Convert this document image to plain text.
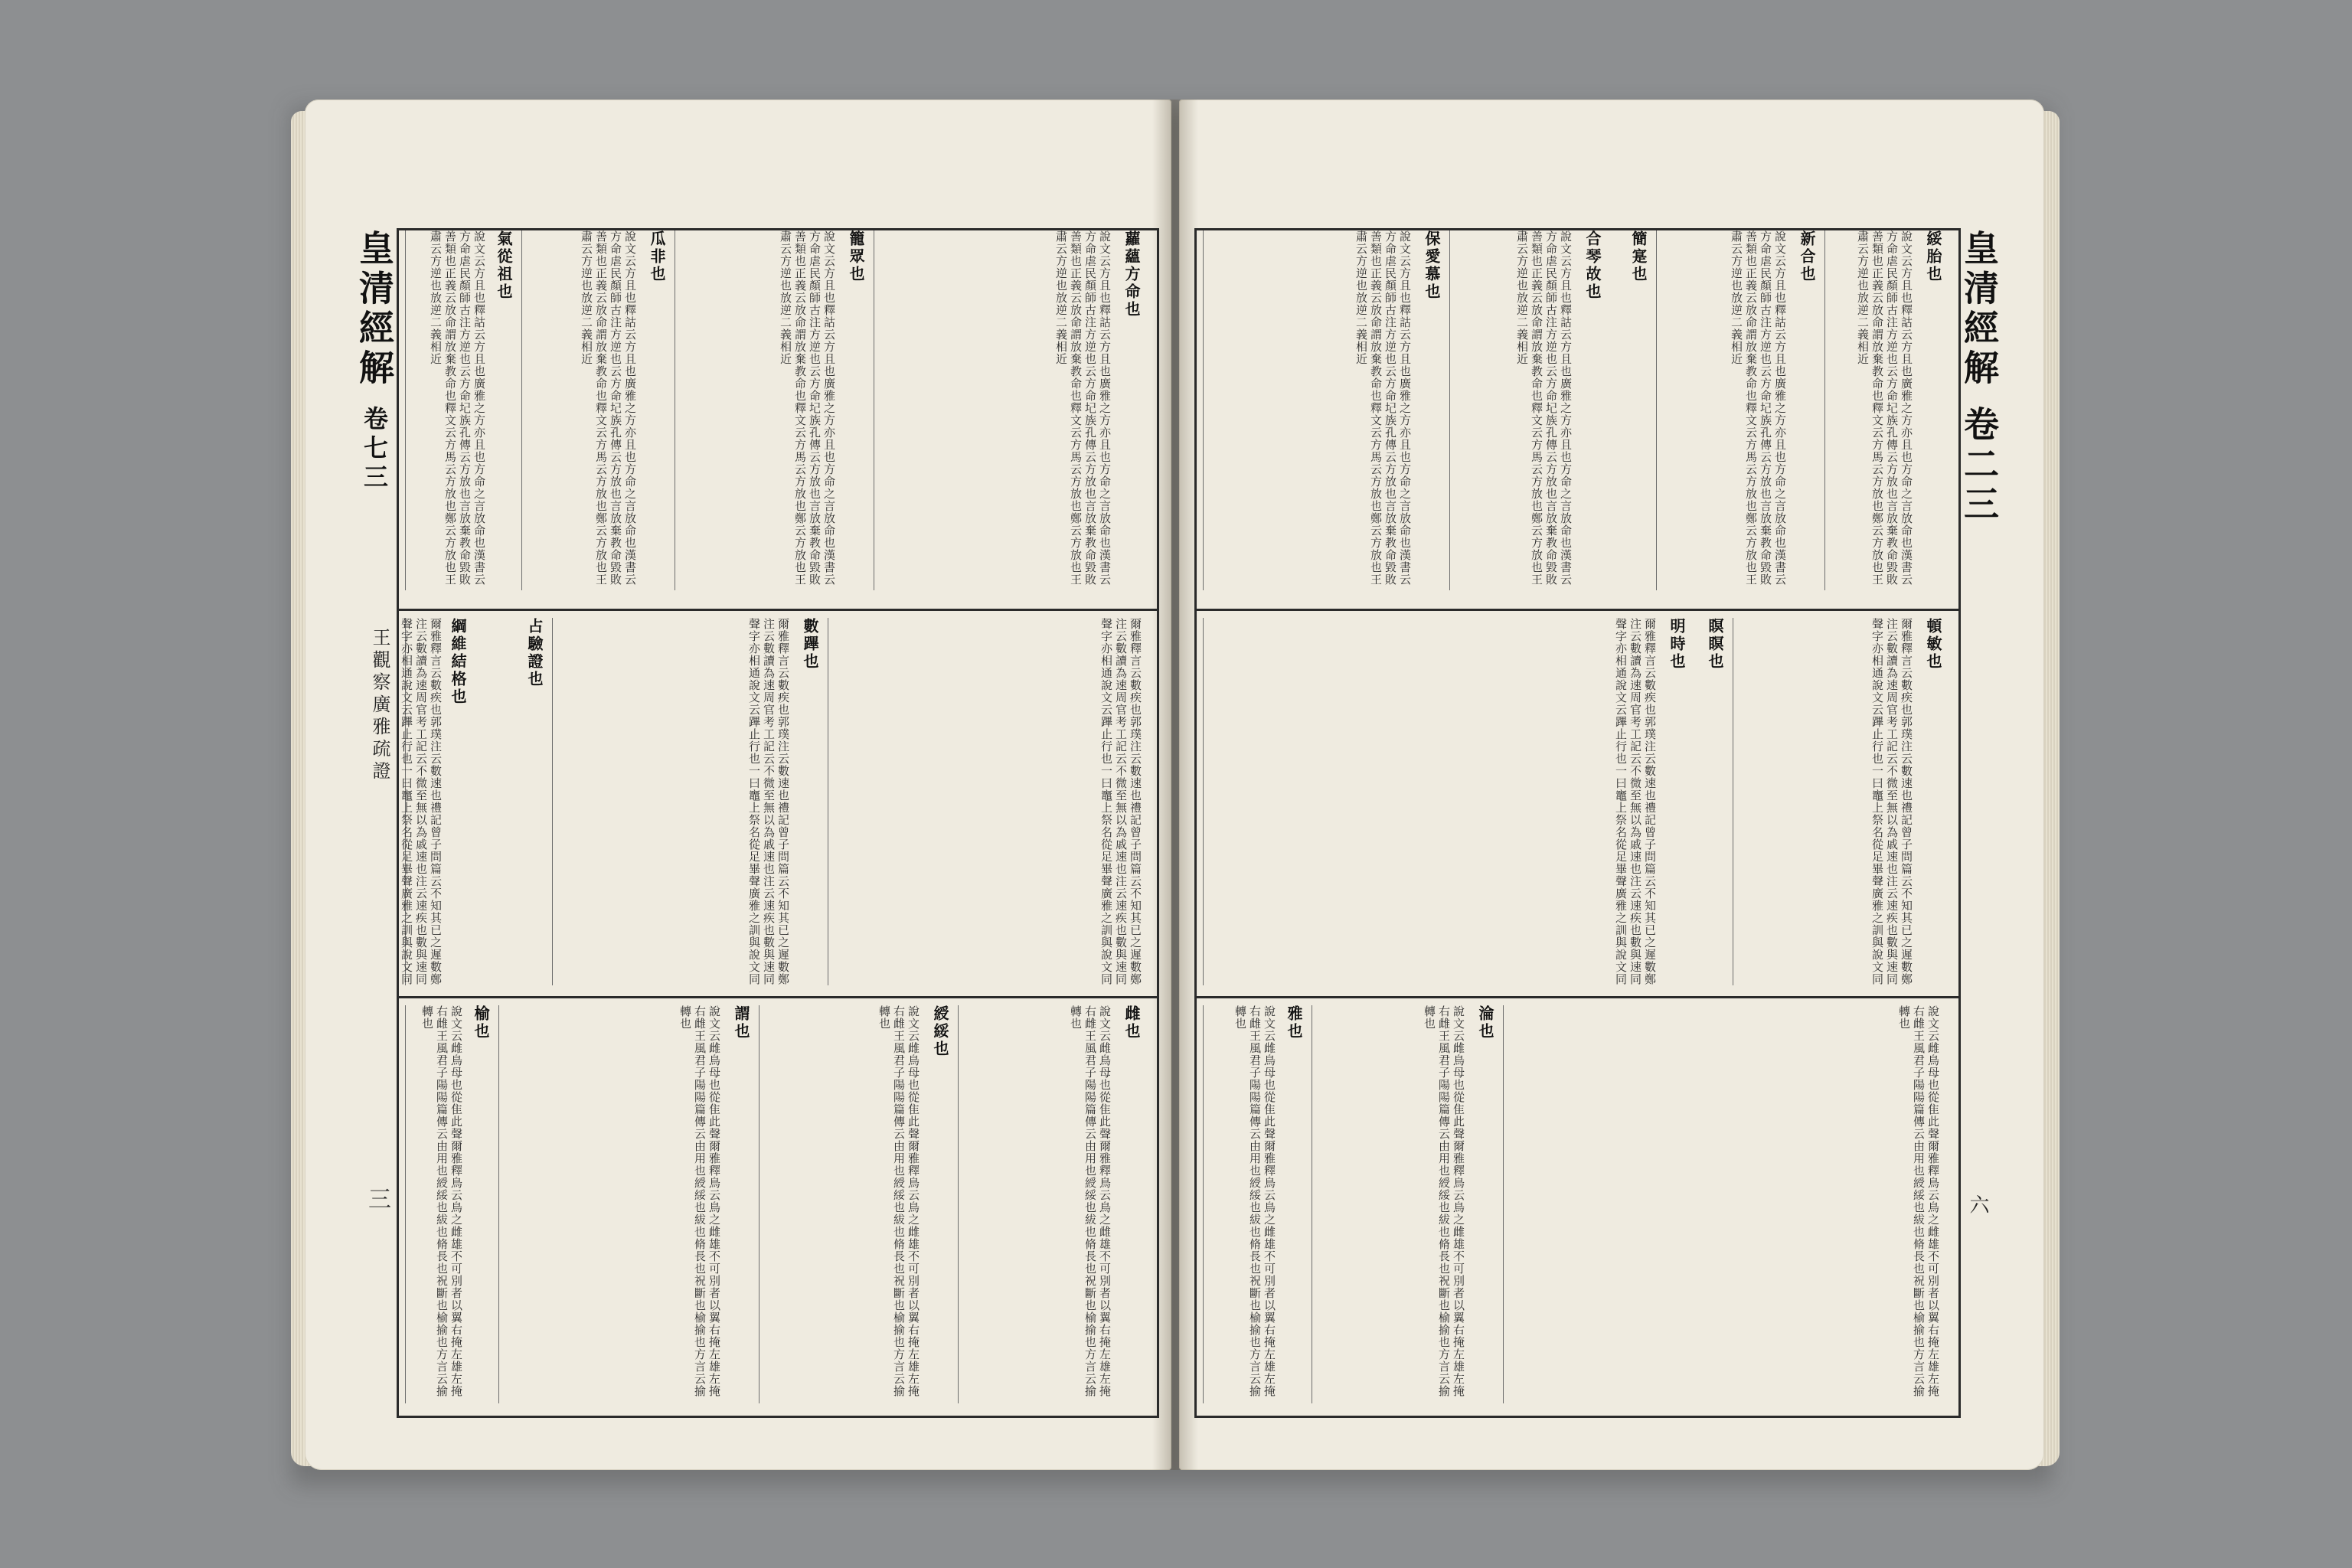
皇清經解 卷七三
王觀察廣雅疏證
三
皇清經解 卷二三
六
蘿蘊方命也
說文云方且也釋詁云方且也廣雅之方亦且也方命之言放命也漢書云方命虐民顏師古注方逆也云方命圮族孔傳云方放也言放棄教命毀敗善類也正義云放命謂放棄教命也釋文云方馬云方放也鄭云方放也王肅云方逆也放逆二義相近
籠眾也
說文云方且也釋詁云方且也廣雅之方亦且也方命之言放命也漢書云方命虐民顏師古注方逆也云方命圮族孔傳云方放也言放棄教命毀敗善類也正義云放命謂放棄教命也釋文云方馬云方放也鄭云方放也王肅云方逆也放逆二義相近
瓜非也
說文云方且也釋詁云方且也廣雅之方亦且也方命之言放命也漢書云方命虐民顏師古注方逆也云方命圮族孔傳云方放也言放棄教命毀敗善類也正義云放命謂放棄教命也釋文云方馬云方放也鄭云方放也王肅云方逆也放逆二義相近
氣從祖也
說文云方且也釋詁云方且也廣雅之方亦且也方命之言放命也漢書云方命虐民顏師古注方逆也云方命圮族孔傳云方放也言放棄教命毀敗善類也正義云放命謂放棄教命也釋文云方馬云方放也鄭云方放也王肅云方逆也放逆二義相近
數蹕也	爾雅釋言云數疾也郭璞注云數速也禮記曾子問篇云不知其已之遲數鄭注云數讀為速周官考工記云不微至無以為戚速也注云速疾也數與速同聲字亦相通說文云蹕止行也一曰竈上祭名從足畢聲廣雅之訓與說文同
爾雅釋言云數疾也郭璞注云數速也禮記曾子問篇云不知其已之遲數鄭注云數讀為速周官考工記云不微至無以為戚速也注云速疾也數與速同聲字亦相通說文云蹕止行也一曰竈上祭名從足畢聲廣雅之訓與說文同
占驗證也
綱維結格也
爾雅釋言云數疾也郭璞注云數速也禮記曾子問篇云不知其已之遲數鄭注云數讀為速周官考工記云不微至無以為戚速也注云速疾也數與速同聲字亦相通說文云蹕止行也一曰竈上祭名從足畢聲廣雅之訓與說文同
雌也
說文云雌鳥母也從隹此聲爾雅釋鳥云鳥之雌雄不可別者以翼右掩左雄左掩右雌王風君子陽陽篇傳云由用也綬綏也紱也脩長也祝斷也榆揄也方言云揄轉也
綬綏也
說文云雌鳥母也從隹此聲爾雅釋鳥云鳥之雌雄不可別者以翼右掩左雄左掩右雌王風君子陽陽篇傳云由用也綬綏也紱也脩長也祝斷也榆揄也方言云揄轉也
謂也
說文云雌鳥母也從隹此聲爾雅釋鳥云鳥之雌雄不可別者以翼右掩左雄左掩右雌王風君子陽陽篇傳云由用也綬綏也紱也脩長也祝斷也榆揄也方言云揄轉也
榆也
說文云雌鳥母也從隹此聲爾雅釋鳥云鳥之雌雄不可別者以翼右掩左雄左掩右雌王風君子陽陽篇傳云由用也綬綏也紱也脩長也祝斷也榆揄也方言云揄轉也
綏胎也
說文云方且也釋詁云方且也廣雅之方亦且也方命之言放命也漢書云方命虐民顏師古注方逆也云方命圮族孔傳云方放也言放棄教命毀敗善類也正義云放命謂放棄教命也釋文云方馬云方放也鄭云方放也王肅云方逆也放逆二義相近
新合也
說文云方且也釋詁云方且也廣雅之方亦且也方命之言放命也漢書云方命虐民顏師古注方逆也云方命圮族孔傳云方放也言放棄教命毀敗善類也正義云放命謂放棄教命也釋文云方馬云方放也鄭云方放也王肅云方逆也放逆二義相近
簡寔也
合琴故也
說文云方且也釋詁云方且也廣雅之方亦且也方命之言放命也漢書云方命虐民顏師古注方逆也云方命圮族孔傳云方放也言放棄教命毀敗善類也正義云放命謂放棄教命也釋文云方馬云方放也鄭云方放也王肅云方逆也放逆二義相近
保愛慕也
說文云方且也釋詁云方且也廣雅之方亦且也方命之言放命也漢書云方命虐民顏師古注方逆也云方命圮族孔傳云方放也言放棄教命毀敗善類也正義云放命謂放棄教命也釋文云方馬云方放也鄭云方放也王肅云方逆也放逆二義相近
頓敏也
爾雅釋言云數疾也郭璞注云數速也禮記曾子問篇云不知其已之遲數鄭注云數讀為速周官考工記云不微至無以為戚速也注云速疾也數與速同聲字亦相通說文云蹕止行也一曰竈上祭名從足畢聲廣雅之訓與說文同
瞑瞑也
明時也
爾雅釋言云數疾也郭璞注云數速也禮記曾子問篇云不知其已之遲數鄭注云數讀為速周官考工記云不微至無以為戚速也注云速疾也數與速同聲字亦相通說文云蹕止行也一曰竈上祭名從足畢聲廣雅之訓與說文同
說文云雌鳥母也從隹此聲爾雅釋鳥云鳥之雌雄不可別者以翼右掩左雄左掩右雌王風君子陽陽篇傳云由用也綬綏也紱也脩長也祝斷也榆揄也方言云揄轉也
淪也
說文云雌鳥母也從隹此聲爾雅釋鳥云鳥之雌雄不可別者以翼右掩左雄左掩右雌王風君子陽陽篇傳云由用也綬綏也紱也脩長也祝斷也榆揄也方言云揄轉也
雅也
說文云雌鳥母也從隹此聲爾雅釋鳥云鳥之雌雄不可別者以翼右掩左雄左掩右雌王風君子陽陽篇傳云由用也綬綏也紱也脩長也祝斷也榆揄也方言云揄轉也
